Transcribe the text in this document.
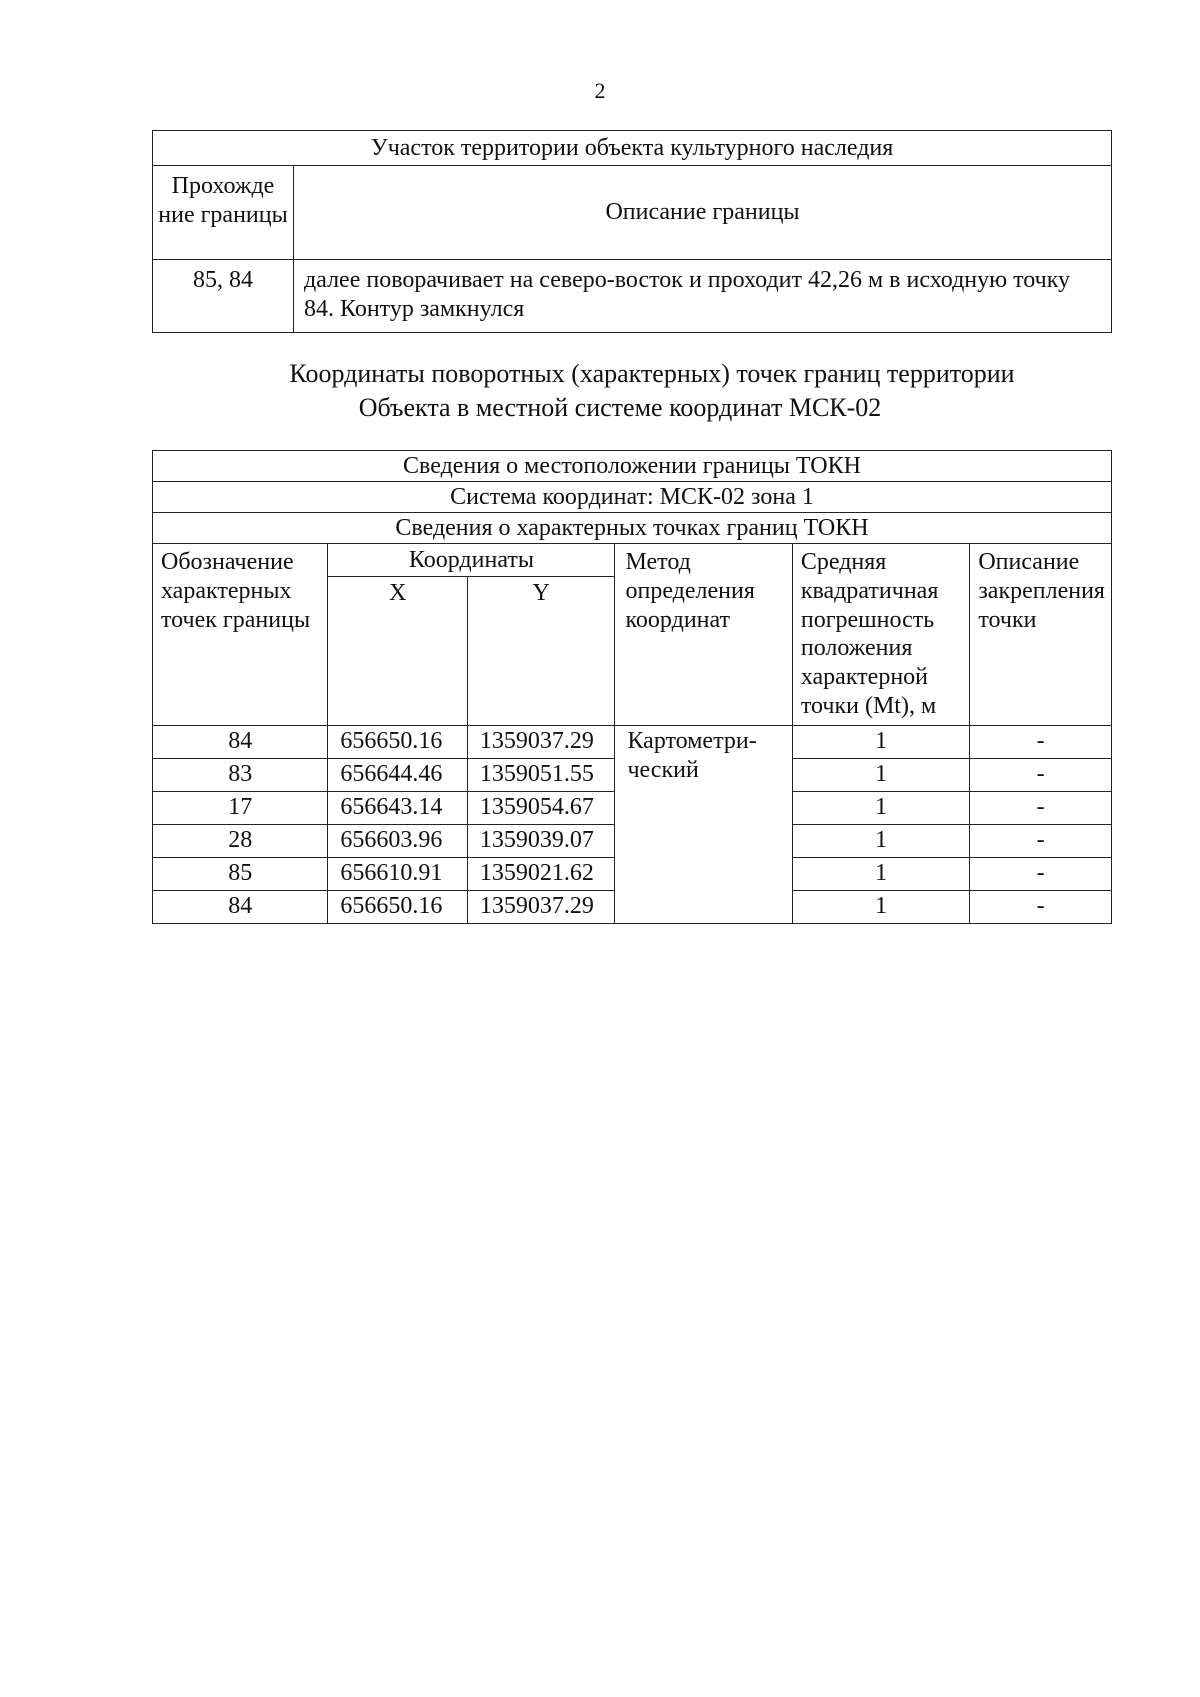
2
Участок территории объекта культурного наследия	
Прохожде ние границы	Описание границы
85, 84	далее поворачивает на северо-восток и проходит 42,26 м в исходную точку 84. Контур замкнулся
Координаты поворотных (характерных) точек границ территории
Объекта в местной системе координат МСК-02
Сведения о местоположении границы ТОКН					
Система координат: МСК-02 зона 1					
Сведения о характерных точках границ ТОКН					
Обозначение характерных точек границы	Координаты		Метод определения координат	Средняя квадратичная погрешность положения характерной точки (Mt), м	Описание закрепления точки
	X	Y			
84	656650.16	1359037.29	Картометри-ческий	1	-
83	656644.46	1359051.55		1	-
17	656643.14	1359054.67		1	-
28	656603.96	1359039.07		1	-
85	656610.91	1359021.62		1	-
84	656650.16	1359037.29		1	-
